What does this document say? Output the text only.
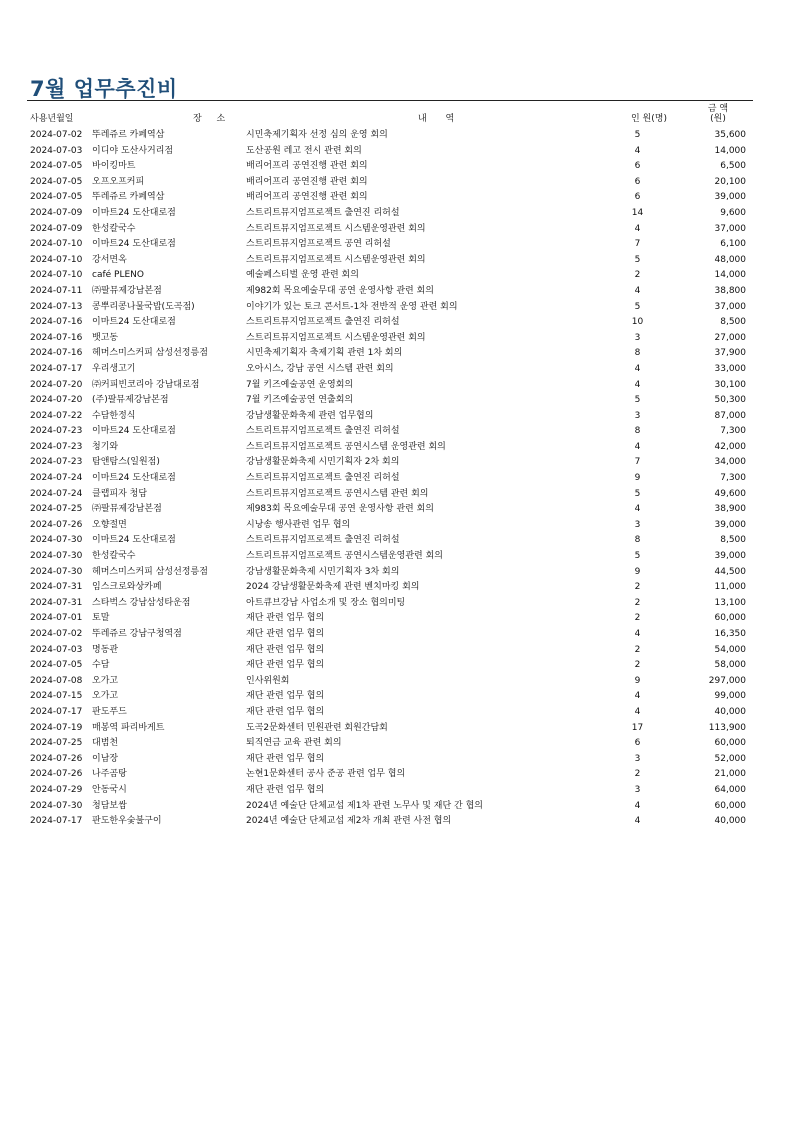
7월 업무추진비
사용년월일	장 소	내 역	인 원(명)
금 액
(원)
2024-07-02	뚜레쥬르 카페역삼	시민축제기획자 선정 심의 운영 회의	5	35,600
2024-07-03	이디야 도산사거리점	도산공원 레고 전시 관련 회의	4	14,000
2024-07-05	바이킹마트	배리어프리 공연진행 관련 회의	6	6,500
2024-07-05	오프오프커피	배리어프리 공연진행 관련 회의	6	20,100
2024-07-05	뚜레쥬르 카페역삼	배리어프리 공연진행 관련 회의	6	39,000
2024-07-09	이마트24 도산대로점	스트리트뮤지엄프로젝트 출연진 리허설	14	9,600
2024-07-09	한성칼국수	스트리트뮤지엄프로젝트 시스템운영관련 회의	4	37,000
2024-07-10	이마트24 도산대로점	스트리트뮤지엄프로젝트 공연 리허설	7	6,100
2024-07-10	강서면옥	스트리트뮤지엄프로젝트 시스템운영관련 회의	5	48,000
2024-07-10	café PLENO	예술페스티벌 운영 관련 회의	2	14,000
2024-07-11	㈜팔뮤제강남본점	제982회 목요예술무대 공연 운영사항 관련 회의	4	38,800
2024-07-13	콩뿌리콩나물국밥(도곡점)	이야기가 있는 토크 콘서트-1차 전반적 운영 관련 회의	5	37,000
2024-07-16	이마트24 도산대로점	스트리트뮤지엄프로젝트 출연진 리허설	10	8,500
2024-07-16	뱃고동	스트리트뮤지엄프로젝트 시스템운영관련 회의	3	27,000
2024-07-16	헤머스미스커피 삼성선정릉점	시민축제기획자 축제기획 관련 1차 회의	8	37,900
2024-07-17	우리생고기	오아시스, 강남 공연 시스템 관련 회의	4	33,000
2024-07-20	㈜커피빈코리아 강남대로점	7월 키즈예술공연 운영회의	4	30,100
2024-07-20	(주)팔뮤제강남본점	7월 키즈예술공연 연출회의	5	50,300
2024-07-22	수담한정식	강남생활문화축제 관련 업무협의	3	87,000
2024-07-23	이마트24 도산대로점	스트리트뮤지엄프로젝트 출연진 리허설	8	7,300
2024-07-23	청기와	스트리트뮤지엄프로젝트 공연시스템 운영관련 회의	4	42,000
2024-07-23	탐앤탐스(일원점)	강남생활문화축제 시민기획자 2차 회의	7	34,000
2024-07-24	이마트24 도산대로점	스트리트뮤지엄프로젝트 출연진 리허설	9	7,300
2024-07-24	클랩피자 청담	스트리트뮤지엄프로젝트 공연시스템 관련 회의	5	49,600
2024-07-25	㈜팔뮤제강남본점	제983회 목요예술무대 공연 운영사항 관련 회의	4	38,900
2024-07-26	오향절면	시낭송 행사관련 업무 협의	3	39,000
2024-07-30	이마트24 도산대로점	스트리트뮤지엄프로젝트 출연진 리허설	8	8,500
2024-07-30	한성칼국수	스트리트뮤지엄프로젝트 공연시스템운영관련 회의	5	39,000
2024-07-30	헤머스미스커피 삼성선정릉점	강남생활문화축제 시민기획자 3차 회의	9	44,500
2024-07-31	임스크로와상카페	2024 강남생활문화축제 관련 벤치마킹 회의	2	11,000
2024-07-31	스타벅스 강남삼성타운점	아트큐브강남 사업소개 및 장소 협의미팅	2	13,100
2024-07-01	토말	재단 관련 업무 협의	2	60,000
2024-07-02	뚜레쥬르 강남구청역점	재단 관련 업무 협의	4	16,350
2024-07-03	명동관	재단 관련 업무 협의	2	54,000
2024-07-05	수담	재단 관련 업무 협의	2	58,000
2024-07-08	오가고	인사위원회	9	297,000
2024-07-15	오가고	재단 관련 업무 협의	4	99,000
2024-07-17	판도푸드	재단 관련 업무 협의	4	40,000
2024-07-19	매봉역 파리바게트	도곡2문화센터 민원관련 회원간담회	17	113,900
2024-07-25	대범천	퇴직연금 교육 관련 회의	6	60,000
2024-07-26	이남장	재단 관련 업무 협의	3	52,000
2024-07-26	나주곰탕	논현1문화센터 공사 준공 관련 업무 협의	2	21,000
2024-07-29	안동국시	재단 관련 업무 협의	3	64,000
2024-07-30	청담보쌈	2024년 예술단 단체교섭 제1차 관련 노무사 및 재단 간 협의	4	60,000
2024-07-17	판도한우숯불구이	2024년 예술단 단체교섭 제2차 개최 관련 사전 협의	4	40,000
